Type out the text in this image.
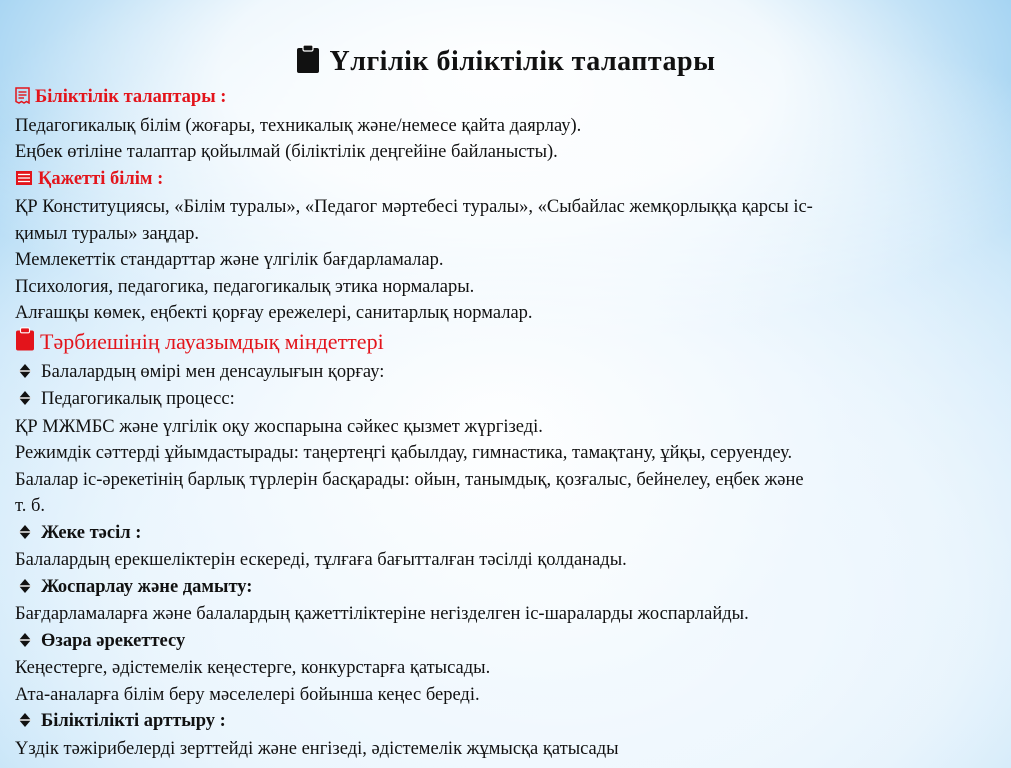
Үлгілік біліктілік талаптары
Біліктілік талаптары :
Педагогикалық білім (жоғары, техникалық және/немесе қайта даярлау).
Еңбек өтіліне талаптар қойылмай (біліктілік деңгейіне байланысты).
Қажетті білім :
ҚР Конституциясы, «Білім туралы», «Педагог мәртебесі туралы», «Сыбайлас жемқорлыққа қарсы іс-
қимыл туралы» заңдар.
Мемлекеттік стандарттар және үлгілік бағдарламалар.
Психология, педагогика, педагогикалық этика нормалары.
Алғашқы көмек, еңбекті қорғау ережелері, санитарлық нормалар.
Тәрбиешінің лауазымдық міндеттері
Балалардың өмірі мен денсаулығын қорғау:
Педагогикалық процесс:
ҚР МЖМБС және үлгілік оқу жоспарына сәйкес қызмет жүргізеді.
Режимдік сәттерді ұйымдастырады: таңертеңгі қабылдау, гимнастика, тамақтану, ұйқы, серуендеу.
Балалар іс-әрекетінің барлық түрлерін басқарады: ойын, танымдық, қозғалыс, бейнелеу, еңбек және
т. б.
Жеке тәсіл :
Балалардың ерекшеліктерін ескереді, тұлғаға бағытталған тәсілді қолданады.
Жоспарлау және дамыту:
Бағдарламаларға және балалардың қажеттіліктеріне негізделген іс-шараларды жоспарлайды.
Өзара әрекеттесу
Кеңестерге, әдістемелік кеңестерге, конкурстарға қатысады.
Ата-аналарға білім беру мәселелері бойынша кеңес береді.
Біліктілікті арттыру :
Үздік тәжірибелерді зерттейді және енгізеді, әдістемелік жұмысқа қатысады
